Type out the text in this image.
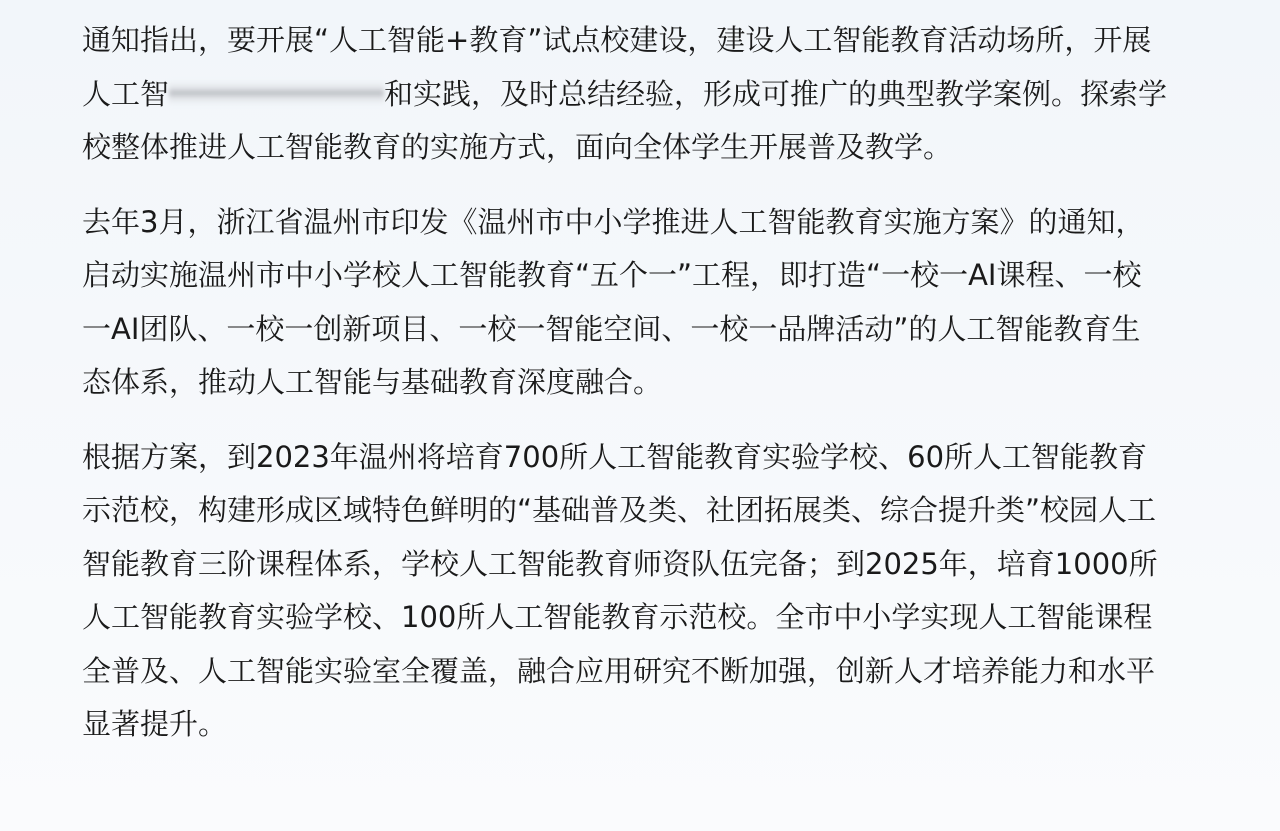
通知指出，要开展“人工智能+教育”试点校建设，建设人工智能教育活动场所，开展
人工智	和实践，及时总结经验，形成可推广的典型教学案例。探索学
校整体推进人工智能教育的实施方式，面向全体学生开展普及教学。

去年3月，浙江省温州市印发《温州市中小学推进人工智能教育实施方案》的通知，
启动实施温州市中小学校人工智能教育“五个一”工程，即打造“一校一AI课程、一校
一AI团队、一校一创新项目、一校一智能空间、一校一品牌活动”的人工智能教育生
态体系，推动人工智能与基础教育深度融合。

根据方案，到2023年温州将培育700所人工智能教育实验学校、60所人工智能教育
示范校，构建形成区域特色鲜明的“基础普及类、社团拓展类、综合提升类”校园人工
智能教育三阶课程体系，学校人工智能教育师资队伍完备；到2025年，培育1000所
人工智能教育实验学校、100所人工智能教育示范校。全市中小学实现人工智能课程
全普及、人工智能实验室全覆盖，融合应用研究不断加强，创新人才培养能力和水平
显著提升。
